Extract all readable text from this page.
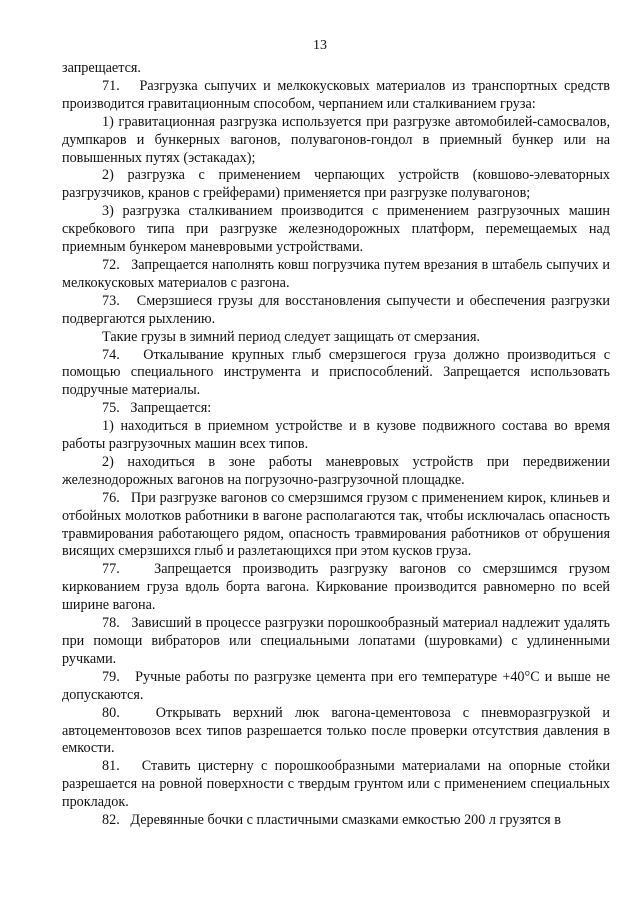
13

запрещается.

71.   Разгрузка сыпучих и мелкокусковых материалов из транспортных средств производится гравитационным способом, черпанием или сталкиванием груза:

1) гравитационная разгрузка используется при разгрузке автомобилей-самосвалов, думпкаров и бункерных вагонов, полувагонов-гондол в приемный бункер или на повышенных путях (эстакадах);

2) разгрузка с применением черпающих устройств (ковшово-элеваторных разгрузчиков, кранов с грейферами) применяется при разгрузке полувагонов;

3) разгрузка сталкиванием производится с применением разгрузочных машин скребкового типа при разгрузке железнодорожных платформ, перемещаемых над приемным бункером маневровыми устройствами.

72.   Запрещается наполнять ковш погрузчика путем врезания в штабель сыпучих и мелкокусковых материалов с разгона.

73.   Смерзшиеся грузы для восстановления сыпучести и обеспечения разгрузки подвергаются рыхлению.

Такие грузы в зимний период следует защищать от смерзания.

74.   Откалывание крупных глыб смерзшегося груза должно производиться с помощью специального инструмента и приспособлений. Запрещается использовать подручные материалы.

75.   Запрещается:

1) находиться в приемном устройстве и в кузове подвижного состава во время работы разгрузочных машин всех типов.

2) находиться в зоне работы маневровых устройств при передвижении железнодорожных вагонов на погрузочно-разгрузочной площадке.

76.   При разгрузке вагонов со смерзшимся грузом с применением кирок, клиньев и отбойных молотков работники в вагоне располагаются так, чтобы исключалась опасность травмирования работающего рядом, опасность травмирования работников от обрушения висящих смерзшихся глыб и разлетающихся при этом кусков груза.

77.   Запрещается производить разгрузку вагонов со смерзшимся грузом киркованием груза вдоль борта вагона. Киркование производится равномерно по всей ширине вагона.

78.   Зависший в процессе разгрузки порошкообразный материал надлежит удалять при помощи вибраторов или специальными лопатами (шуровками) с удлиненными ручками.

79.   Ручные работы по разгрузке цемента при его температуре +40°С и выше не допускаются.

80.   Открывать верхний люк вагона-цементовоза с пневморазгрузкой и автоцементовозов всех типов разрешается только после проверки отсутствия давления в емкости.

81.   Ставить цистерну с порошкообразными материалами на опорные стойки разрешается на ровной поверхности с твердым грунтом или с применением специальных прокладок.

82.   Деревянные бочки с пластичными смазками емкостью 200 л грузятся в
